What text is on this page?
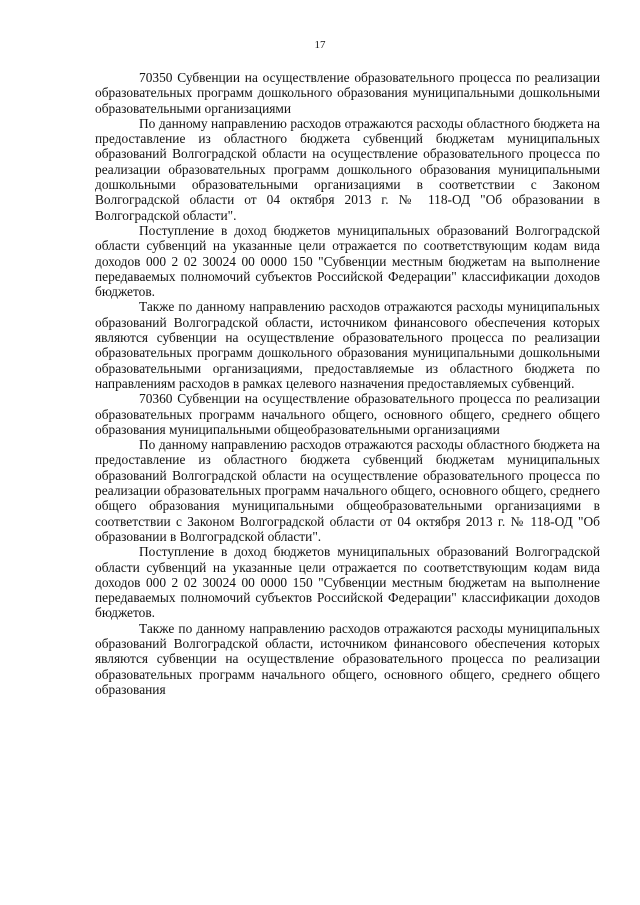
17

70350 Субвенции на осуществление образовательного процесса по реализации образовательных программ дошкольного образования муниципальными дошкольными образовательными организациями

По данному направлению расходов отражаются расходы областного бюджета на предоставление из областного бюджета субвенций бюджетам муниципальных образований Волгоградской области на осуществление образовательного процесса по реализации образовательных программ дошкольного образования муниципальными дошкольными образовательными организациями в соответствии с Законом Волгоградской области от 04 октября 2013 г. № 118-ОД "Об образовании в Волгоградской области".

Поступление в доход бюджетов муниципальных образований Волгоградской области субвенций на указанные цели отражается по соответствующим кодам вида доходов 000 2 02 30024 00 0000 150 "Субвенции местным бюджетам на выполнение передаваемых полномочий субъектов Российской Федерации" классификации доходов бюджетов.

Также по данному направлению расходов отражаются расходы муниципальных образований Волгоградской области, источником финансового обеспечения которых являются субвенции на осуществление образовательного процесса по реализации образовательных программ дошкольного образования муниципальными дошкольными образовательными организациями, предоставляемые из областного бюджета по направлениям расходов в рамках целевого назначения предоставляемых субвенций.

70360 Субвенции на осуществление образовательного процесса по реализации образовательных программ начального общего, основного общего, среднего общего образования муниципальными общеобразовательными организациями

По данному направлению расходов отражаются расходы областного бюджета на предоставление из областного бюджета субвенций бюджетам муниципальных образований Волгоградской области на осуществление образовательного процесса по реализации образовательных программ начального общего, основного общего, среднего общего образования муниципальными общеобразовательными организациями в соответствии с Законом Волгоградской области от 04 октября 2013 г. № 118-ОД "Об образовании в Волгоградской области".

Поступление в доход бюджетов муниципальных образований Волгоградской области субвенций на указанные цели отражается по соответствующим кодам вида доходов 000 2 02 30024 00 0000 150 "Субвенции местным бюджетам на выполнение передаваемых полномочий субъектов Российской Федерации" классификации доходов бюджетов.

Также по данному направлению расходов отражаются расходы муниципальных образований Волгоградской области, источником финансового обеспечения которых являются субвенции на осуществление образовательного процесса по реализации образовательных программ начального общего, основного общего, среднего общего образования
